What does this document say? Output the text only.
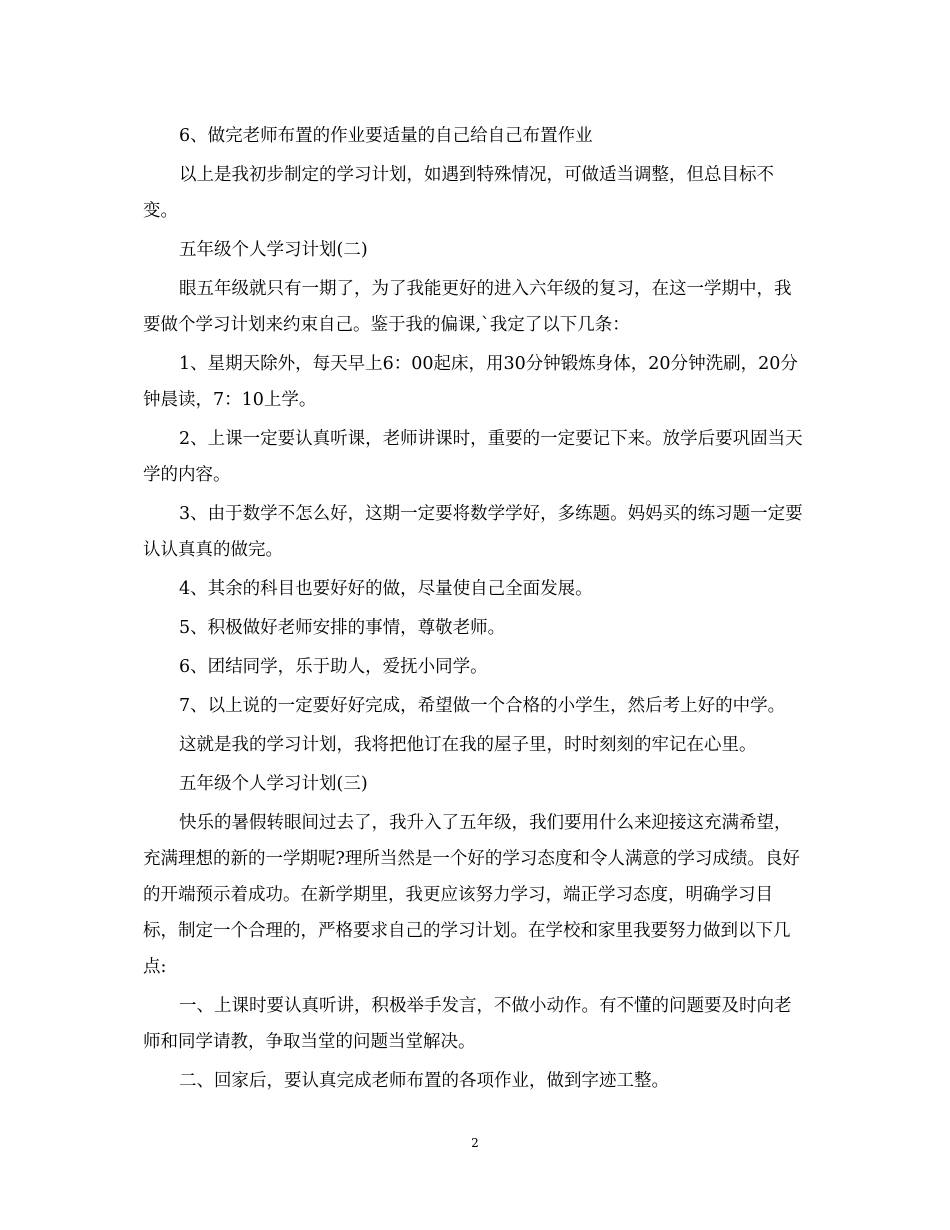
6、做完老师布置的作业要适量的自己给自己布置作业

以上是我初步制定的学习计划，如遇到特殊情况，可做适当调整，但总目标不变。

五年级个人学习计划(二)

眼五年级就只有一期了，为了我能更好的进入六年级的复习，在这一学期中，我要做个学习计划来约束自己。鉴于我的偏课,`我定了以下几条：

1、星期天除外，每天早上6：00起床，用30分钟锻炼身体，20分钟洗刷，20分钟晨读，7：10上学。

2、上课一定要认真听课，老师讲课时，重要的一定要记下来。放学后要巩固当天学的内容。

3、由于数学不怎么好，这期一定要将数学学好，多练题。妈妈买的练习题一定要认认真真的做完。

4、其余的科目也要好好的做，尽量使自己全面发展。

5、积极做好老师安排的事情，尊敬老师。

6、团结同学，乐于助人，爱抚小同学。

7、以上说的一定要好好完成，希望做一个合格的小学生，然后考上好的中学。

这就是我的学习计划，我将把他订在我的屋子里，时时刻刻的牢记在心里。

五年级个人学习计划(三)

快乐的暑假转眼间过去了，我升入了五年级，我们要用什么来迎接这充满希望，充满理想的新的一学期呢?理所当然是一个好的学习态度和令人满意的学习成绩。良好的开端预示着成功。在新学期里，我更应该努力学习，端正学习态度，明确学习目标，制定一个合理的，严格要求自己的学习计划。在学校和家里我要努力做到以下几点:

一、上课时要认真听讲，积极举手发言，不做小动作。有不懂的问题要及时向老师和同学请教，争取当堂的问题当堂解决。

二、回家后，要认真完成老师布置的各项作业，做到字迹工整。

2
